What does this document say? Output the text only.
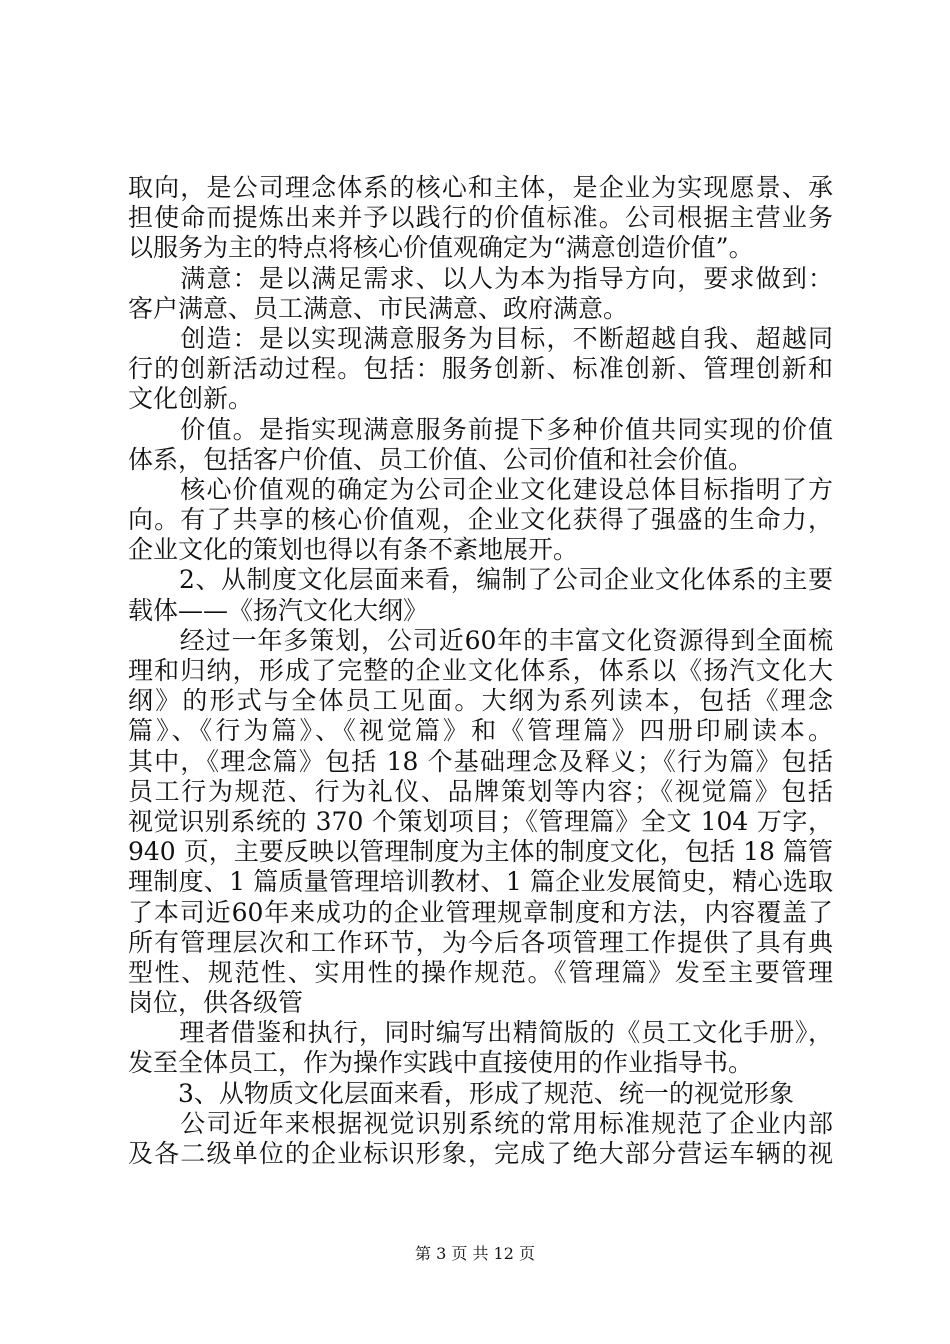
取向，是公司理念体系的核心和主体，是企业为实现愿景、承
担使命而提炼出来并予以践行的价值标准。公司根据主营业务
以服务为主的特点将核心价值观确定为“满意创造价值”。
　　满意：是以满足需求、以人为本为指导方向，要求做到：
客户满意、员工满意、市民满意、政府满意。
　　创造：是以实现满意服务为目标，不断超越自我、超越同
行的创新活动过程。包括：服务创新、标准创新、管理创新和
文化创新。
　　价值。是指实现满意服务前提下多种价值共同实现的价值
体系，包括客户价值、员工价值、公司价值和社会价值。
　　核心价值观的确定为公司企业文化建设总体目标指明了方
向。有了共享的核心价值观，企业文化获得了强盛的生命力，
企业文化的策划也得以有条不紊地展开。
　　2、从制度文化层面来看，编制了公司企业文化体系的主要
载体——《扬汽文化大纲》
　　经过一年多策划，公司近60年的丰富文化资源得到全面梳
理和归纳，形成了完整的企业文化体系，体系以《扬汽文化大
纲》的形式与全体员工见面。大纲为系列读本，包括《理念
篇》、《行为篇》、《视觉篇》和《管理篇》四册印刷读本。
其中，《理念篇》包括 18 个基础理念及释义；《行为篇》包括
员工行为规范、行为礼仪、品牌策划等内容；《视觉篇》包括
视觉识别系统的 370 个策划项目；《管理篇》全文 104 万字，
940 页，主要反映以管理制度为主体的制度文化，包括 18 篇管
理制度、1 篇质量管理培训教材、1 篇企业发展简史，精心选取
了本司近60年来成功的企业管理规章制度和方法，内容覆盖了
所有管理层次和工作环节，为今后各项管理工作提供了具有典
型性、规范性、实用性的操作规范。《管理篇》发至主要管理
岗位，供各级管
　　理者借鉴和执行，同时编写出精简版的《员工文化手册》，
发至全体员工，作为操作实践中直接使用的作业指导书。
　　3、从物质文化层面来看，形成了规范、统一的视觉形象
　　公司近年来根据视觉识别系统的常用标准规范了企业内部
及各二级单位的企业标识形象，完成了绝大部分营运车辆的视
第 3 页 共 12 页
